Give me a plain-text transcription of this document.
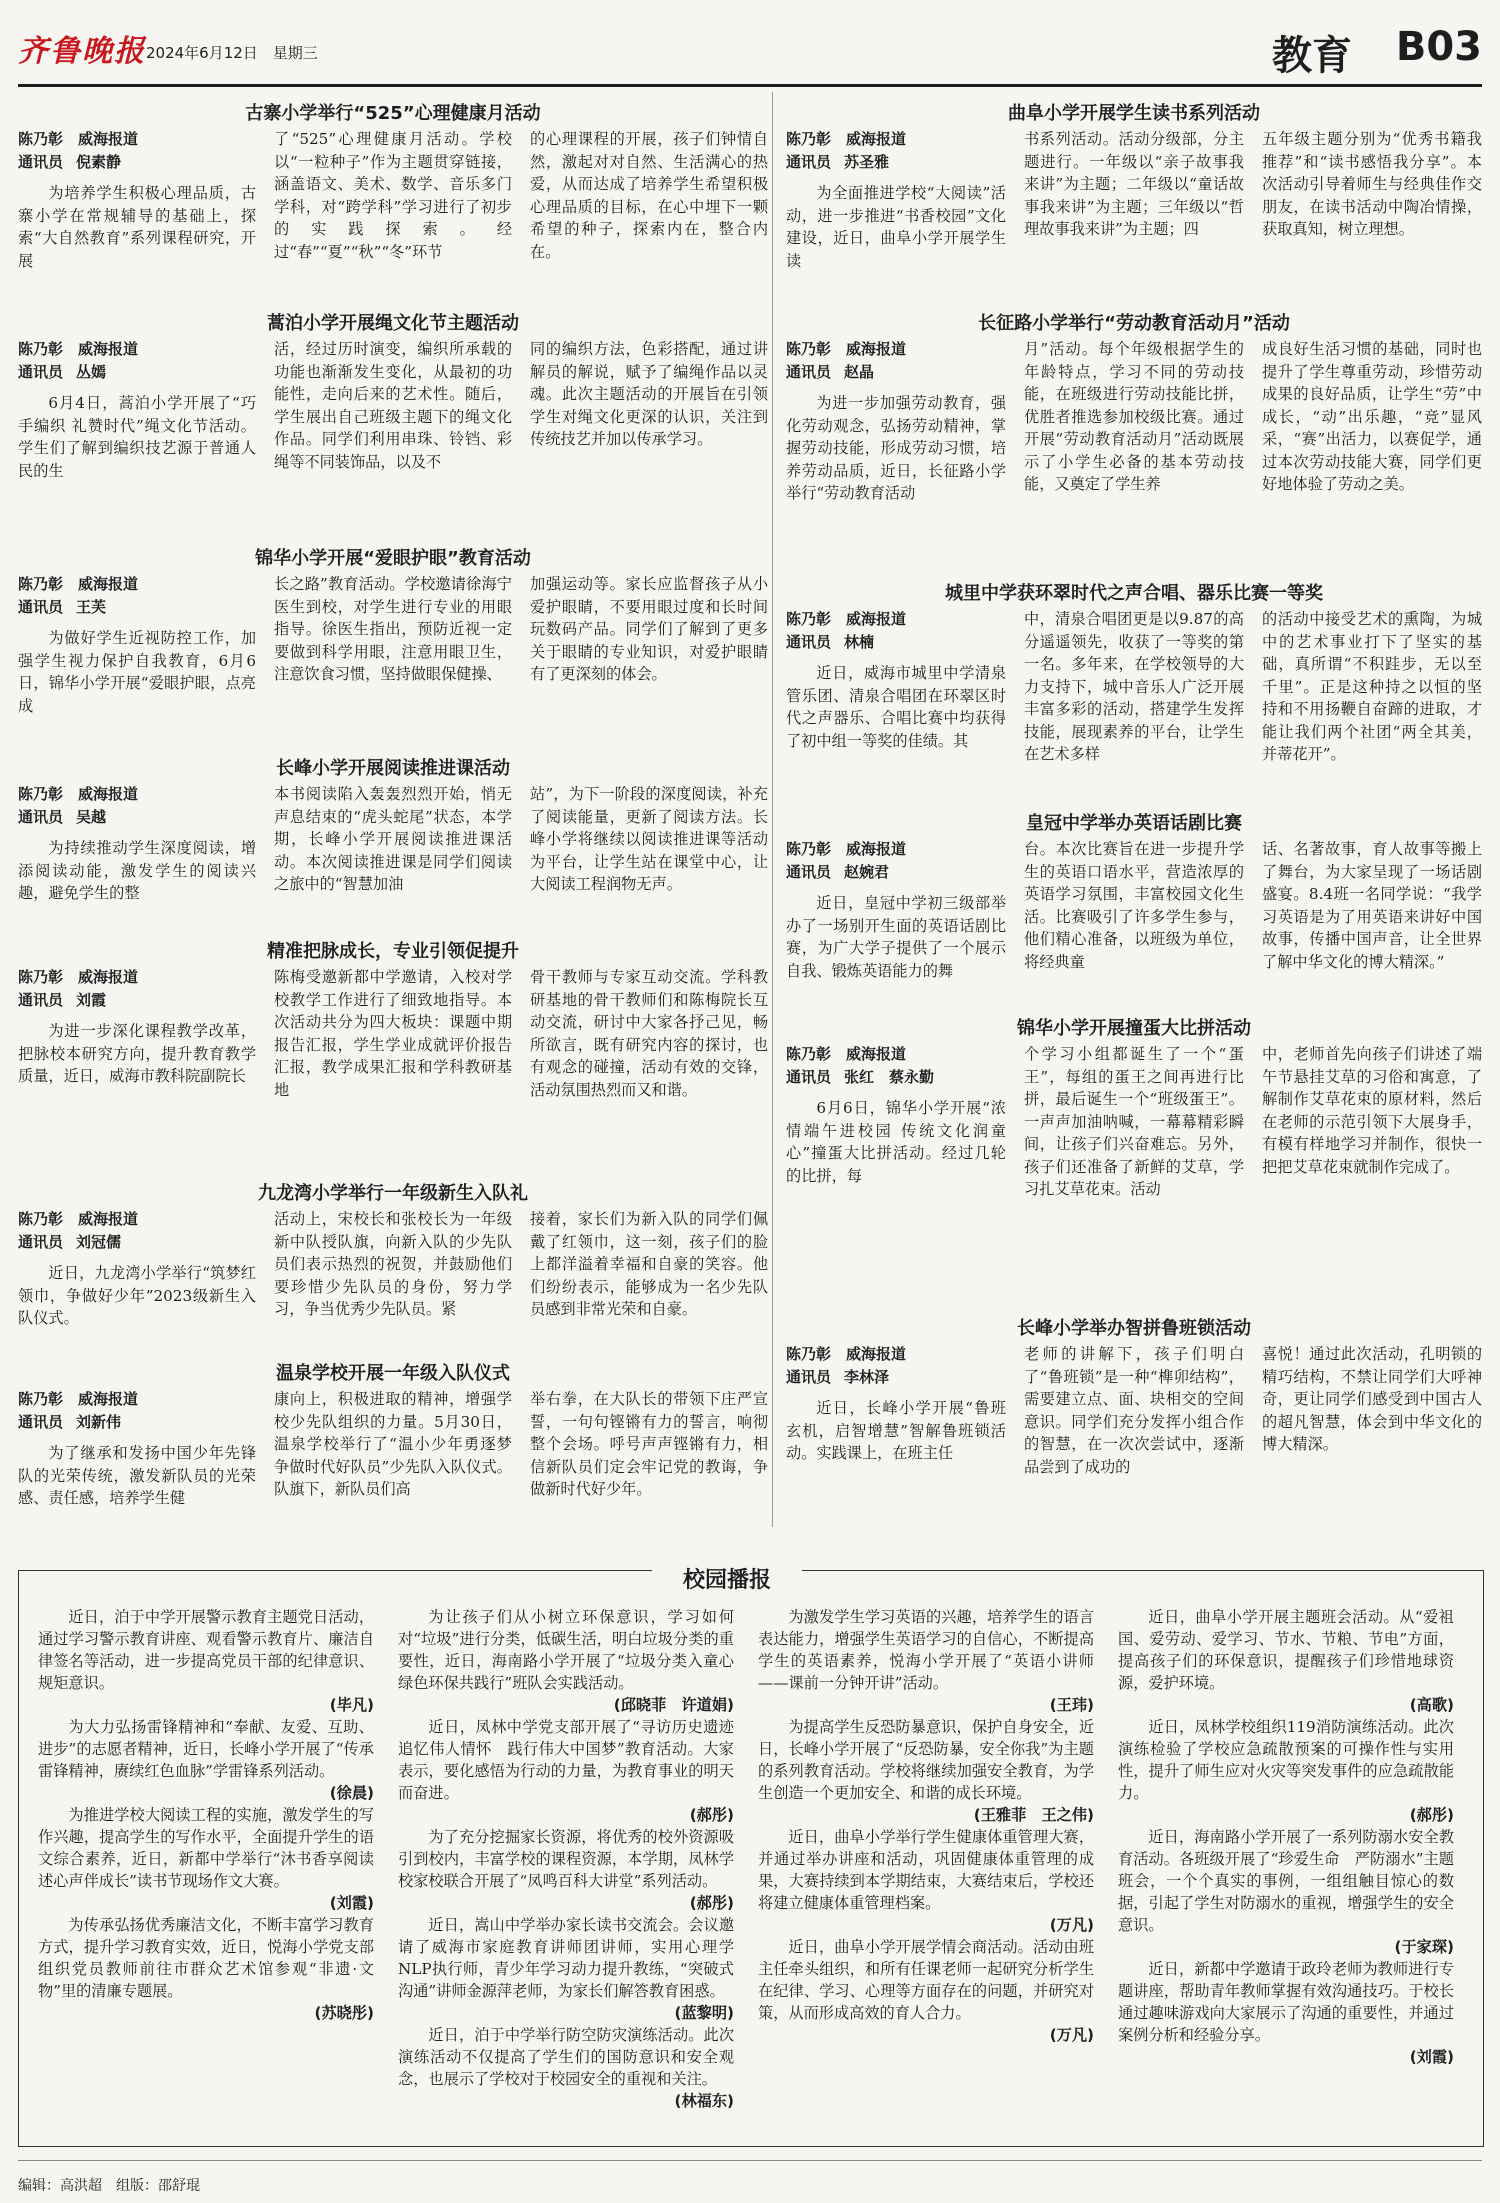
齐鲁晚报 2024年6月12日　星期三	教育 B03
古寨小学举行“525”心理健康月活动
陈乃彰　威海报道
通讯员 倪素静
为培养学生积极心理品质，古寨小学在常规辅导的基础上，探索“大自然教育”系列课程研究，开展
了“525”心理健康月活动。学校以“一粒种子”作为主题贯穿链接，涵盖语文、美术、数学、音乐多门学科，对“跨学科”学习进行了初步的实践探索。经过“春”“夏”“秋”“冬”环节
的心理课程的开展，孩子们钟情自然，激起对对自然、生活满心的热爱，从而达成了培养学生希望积极心理品质的目标，在心中埋下一颗希望的种子，探索内在，整合内在。
蒿泊小学开展绳文化节主题活动
陈乃彰　威海报道
通讯员 丛嫣
6月4日，蒿泊小学开展了“巧手编织 礼赞时代”绳文化节活动。学生们了解到编织技艺源于普通人民的生
活，经过历时演变，编织所承载的功能也渐渐发生变化，从最初的功能性，走向后来的艺术性。随后，学生展出自己班级主题下的绳文化作品。同学们利用串珠、铃铛、彩绳等不同装饰品，以及不
同的编织方法，色彩搭配，通过讲解员的解说，赋予了编绳作品以灵魂。此次主题活动的开展旨在引领学生对绳文化更深的认识，关注到传统技艺并加以传承学习。
锦华小学开展“爱眼护眼”教育活动
陈乃彰　威海报道
通讯员 王芙
为做好学生近视防控工作，加强学生视力保护自我教育，6月6日，锦华小学开展“爱眼护眼，点亮成
长之路”教育活动。学校邀请徐海宁医生到校，对学生进行专业的用眼指导。徐医生指出，预防近视一定要做到科学用眼，注意用眼卫生，注意饮食习惯，坚持做眼保健操、
加强运动等。家长应监督孩子从小爱护眼睛，不要用眼过度和长时间玩数码产品。同学们了解到了更多关于眼睛的专业知识，对爱护眼睛有了更深刻的体会。
长峰小学开展阅读推进课活动
陈乃彰　威海报道
通讯员 吴越
为持续推动学生深度阅读，增添阅读动能，激发学生的阅读兴趣，避免学生的整
本书阅读陷入轰轰烈烈开始，悄无声息结束的“虎头蛇尾”状态，本学期，长峰小学开展阅读推进课活动。本次阅读推进课是同学们阅读之旅中的“智慧加油
站”，为下一阶段的深度阅读，补充了阅读能量，更新了阅读方法。长峰小学将继续以阅读推进课等活动为平台，让学生站在课堂中心，让大阅读工程润物无声。
精准把脉成长，专业引领促提升
陈乃彰　威海报道
通讯员 刘霞
为进一步深化课程教学改革，把脉校本研究方向，提升教育教学质量，近日，威海市教科院副院长
陈梅受邀新都中学邀请，入校对学校教学工作进行了细致地指导。本次活动共分为四大板块：课题中期报告汇报，学生学业成就评价报告汇报，教学成果汇报和学科教研基地
骨干教师与专家互动交流。学科教研基地的骨干教师们和陈梅院长互动交流，研讨中大家各抒己见，畅所欲言，既有研究内容的探讨，也有观念的碰撞，活动有效的交锋，活动氛围热烈而又和谐。
九龙湾小学举行一年级新生入队礼
陈乃彰　威海报道
通讯员 刘冠儒
近日，九龙湾小学举行“筑梦红领巾，争做好少年”2023级新生入队仪式。
活动上，宋校长和张校长为一年级新中队授队旗，向新入队的少先队员们表示热烈的祝贺，并鼓励他们要珍惜少先队员的身份，努力学习，争当优秀少先队员。紧
接着，家长们为新入队的同学们佩戴了红领巾，这一刻，孩子们的脸上都洋溢着幸福和自豪的笑容。他们纷纷表示，能够成为一名少先队员感到非常光荣和自豪。
温泉学校开展一年级入队仪式
陈乃彰　威海报道
通讯员 刘新伟
为了继承和发扬中国少年先锋队的光荣传统，激发新队员的光荣感、责任感，培养学生健
康向上，积极进取的精神，增强学校少先队组织的力量。5月30日，温泉学校举行了“温小少年勇逐梦 争做时代好队员”少先队入队仪式。队旗下，新队员们高
举右拳，在大队长的带领下庄严宣誓，一句句铿锵有力的誓言，响彻整个会场。呼号声声铿锵有力，相信新队员们定会牢记党的教诲，争做新时代好少年。
曲阜小学开展学生读书系列活动
陈乃彰　威海报道
通讯员 苏圣雅
为全面推进学校“大阅读”活动，进一步推进“书香校园”文化建设，近日，曲阜小学开展学生读
书系列活动。活动分级部，分主题进行。一年级以“亲子故事我来讲”为主题；二年级以“童话故事我来讲”为主题；三年级以“哲理故事我来讲”为主题；四
五年级主题分别为“优秀书籍我推荐”和“读书感悟我分享”。本次活动引导着师生与经典佳作交朋友，在读书活动中陶冶情操，获取真知，树立理想。
长征路小学举行“劳动教育活动月”活动
陈乃彰　威海报道
通讯员 赵晶
为进一步加强劳动教育，强化劳动观念，弘扬劳动精神，掌握劳动技能，形成劳动习惯，培养劳动品质，近日，长征路小学举行“劳动教育活动
月”活动。每个年级根据学生的年龄特点，学习不同的劳动技能，在班级进行劳动技能比拼，优胜者推选参加校级比赛。通过开展“劳动教育活动月”活动既展示了小学生必备的基本劳动技能，又奠定了学生养
成良好生活习惯的基础，同时也提升了学生尊重劳动，珍惜劳动成果的良好品质，让学生“劳”中成长，“动”出乐趣，“竞”显风采，“赛”出活力，以赛促学，通过本次劳动技能大赛，同学们更好地体验了劳动之美。
城里中学获环翠时代之声合唱、器乐比赛一等奖
陈乃彰　威海报道
通讯员 林楠
近日，威海市城里中学清泉管乐团、清泉合唱团在环翠区时代之声器乐、合唱比赛中均获得了初中组一等奖的佳绩。其
中，清泉合唱团更是以9.87的高分遥遥领先，收获了一等奖的第一名。多年来，在学校领导的大力支持下，城中音乐人广泛开展丰富多彩的活动，搭建学生发挥技能，展现素养的平台，让学生在艺术多样
的活动中接受艺术的熏陶，为城中的艺术事业打下了坚实的基础，真所谓“不积跬步，无以至千里”。正是这种持之以恒的坚持和不用扬鞭自奋蹄的进取，才能让我们两个社团“两全其美，并蒂花开”。
皇冠中学举办英语话剧比赛
陈乃彰　威海报道
通讯员 赵婉君
近日，皇冠中学初三级部举办了一场别开生面的英语话剧比赛，为广大学子提供了一个展示自我、锻炼英语能力的舞
台。本次比赛旨在进一步提升学生的英语口语水平，营造浓厚的英语学习氛围，丰富校园文化生活。比赛吸引了许多学生参与，他们精心准备，以班级为单位，将经典童
话、名著故事，育人故事等搬上了舞台，为大家呈现了一场话剧盛宴。8.4班一名同学说：“我学习英语是为了用英语来讲好中国故事，传播中国声音，让全世界了解中华文化的博大精深。”
锦华小学开展撞蛋大比拼活动
陈乃彰　威海报道
通讯员 张红　蔡永勤
6月6日，锦华小学开展“浓情端午进校园 传统文化润童心”撞蛋大比拼活动。经过几轮的比拼，每
个学习小组都诞生了一个“蛋王”，每组的蛋王之间再进行比拼，最后诞生一个“班级蛋王”。一声声加油呐喊，一幕幕精彩瞬间，让孩子们兴奋难忘。另外，孩子们还准备了新鲜的艾草，学习扎艾草花束。活动
中，老师首先向孩子们讲述了端午节悬挂艾草的习俗和寓意，了解制作艾草花束的原材料，然后在老师的示范引领下大展身手，有模有样地学习并制作，很快一把把艾草花束就制作完成了。
长峰小学举办智拼鲁班锁活动
陈乃彰　威海报道
通讯员 李林泽
近日，长峰小学开展“鲁班玄机，启智增慧”智解鲁班锁活动。实践课上，在班主任
老师的讲解下，孩子们明白了“鲁班锁”是一种“榫卯结构”，需要建立点、面、块相交的空间意识。同学们充分发挥小组合作的智慧，在一次次尝试中，逐渐品尝到了成功的
喜悦！通过此次活动，孔明锁的精巧结构，不禁让同学们大呼神奇，更让同学们感受到中国古人的超凡智慧，体会到中华文化的博大精深。
校园播报

近日，泊于中学开展警示教育主题党日活动，通过学习警示教育讲座、观看警示教育片、廉洁自律签名等活动，进一步提高党员干部的纪律意识、规矩意识。

(毕凡)

为大力弘扬雷锋精神和“奉献、友爱、互助、进步”的志愿者精神，近日，长峰小学开展了“传承雷锋精神，赓续红色血脉”学雷锋系列活动。

(徐晨)

为推进学校大阅读工程的实施，激发学生的写作兴趣，提高学生的写作水平，全面提升学生的语文综合素养，近日，新都中学举行“沐书香享阅读　述心声伴成长”读书节现场作文大赛。

(刘霞)

为传承弘扬优秀廉洁文化，不断丰富学习教育方式，提升学习教育实效，近日，悦海小学党支部组织党员教师前往市群众艺术馆参观“非遗·文物”里的清廉专题展。

(苏晓彤)

为让孩子们从小树立环保意识，学习如何对“垃圾”进行分类，低碳生活，明白垃圾分类的重要性，近日，海南路小学开展了“垃圾分类入童心　绿色环保共践行”班队会实践活动。

(邱晓菲　许道娟)

近日，凤林中学党支部开展了“寻访历史遗迹　追忆伟人情怀　践行伟大中国梦”教育活动。大家表示，要化感悟为行动的力量，为教育事业的明天而奋进。

(郝彤)

为了充分挖掘家长资源，将优秀的校外资源吸引到校内，丰富学校的课程资源，本学期，凤林学校家校联合开展了“凤鸣百科大讲堂”系列活动。

(郝彤)

近日，嵩山中学举办家长读书交流会。会议邀请了威海市家庭教育讲师团讲师，实用心理学NLP执行师，青少年学习动力提升教练，“突破式沟通”讲师金源萍老师，为家长们解答教育困惑。

(蓝黎明)

近日，泊于中学举行防空防灾演练活动。此次演练活动不仅提高了学生们的国防意识和安全观念，也展示了学校对于校园安全的重视和关注。

(林福东)

为激发学生学习英语的兴趣，培养学生的语言表达能力，增强学生英语学习的自信心，不断提高学生的英语素养，悦海小学开展了“英语小讲师——课前一分钟开讲”活动。

(王玮)

为提高学生反恐防暴意识，保护自身安全，近日，长峰小学开展了“反恐防暴，安全你我”为主题的系列教育活动。学校将继续加强安全教育，为学生创造一个更加安全、和谐的成长环境。

(王雅菲　王之伟)

近日，曲阜小学举行学生健康体重管理大赛，并通过举办讲座和活动，巩固健康体重管理的成果，大赛持续到本学期结束，大赛结束后，学校还将建立健康体重管理档案。

(万凡)

近日，曲阜小学开展学情会商活动。活动由班主任牵头组织，和所有任课老师一起研究分析学生在纪律、学习、心理等方面存在的问题，并研究对策，从而形成高效的育人合力。

(万凡)

近日，曲阜小学开展主题班会活动。从“爱祖国、爱劳动、爱学习、节水、节粮、节电”方面，提高孩子们的环保意识，提醒孩子们珍惜地球资源，爱护环境。

(高歌)

近日，凤林学校组织119消防演练活动。此次演练检验了学校应急疏散预案的可操作性与实用性，提升了师生应对火灾等突发事件的应急疏散能力。

(郝彤)

近日，海南路小学开展了一系列防溺水安全教育活动。各班级开展了“珍爱生命　严防溺水”主题班会，一个个真实的事例，一组组触目惊心的数据，引起了学生对防溺水的重视，增强学生的安全意识。

(于家琛)

近日，新都中学邀请于政玲老师为教师进行专题讲座，帮助青年教师掌握有效沟通技巧。于校长通过趣味游戏向大家展示了沟通的重要性，并通过案例分析和经验分享。

(刘霞)

编辑：高洪超　组版：邵舒琨
